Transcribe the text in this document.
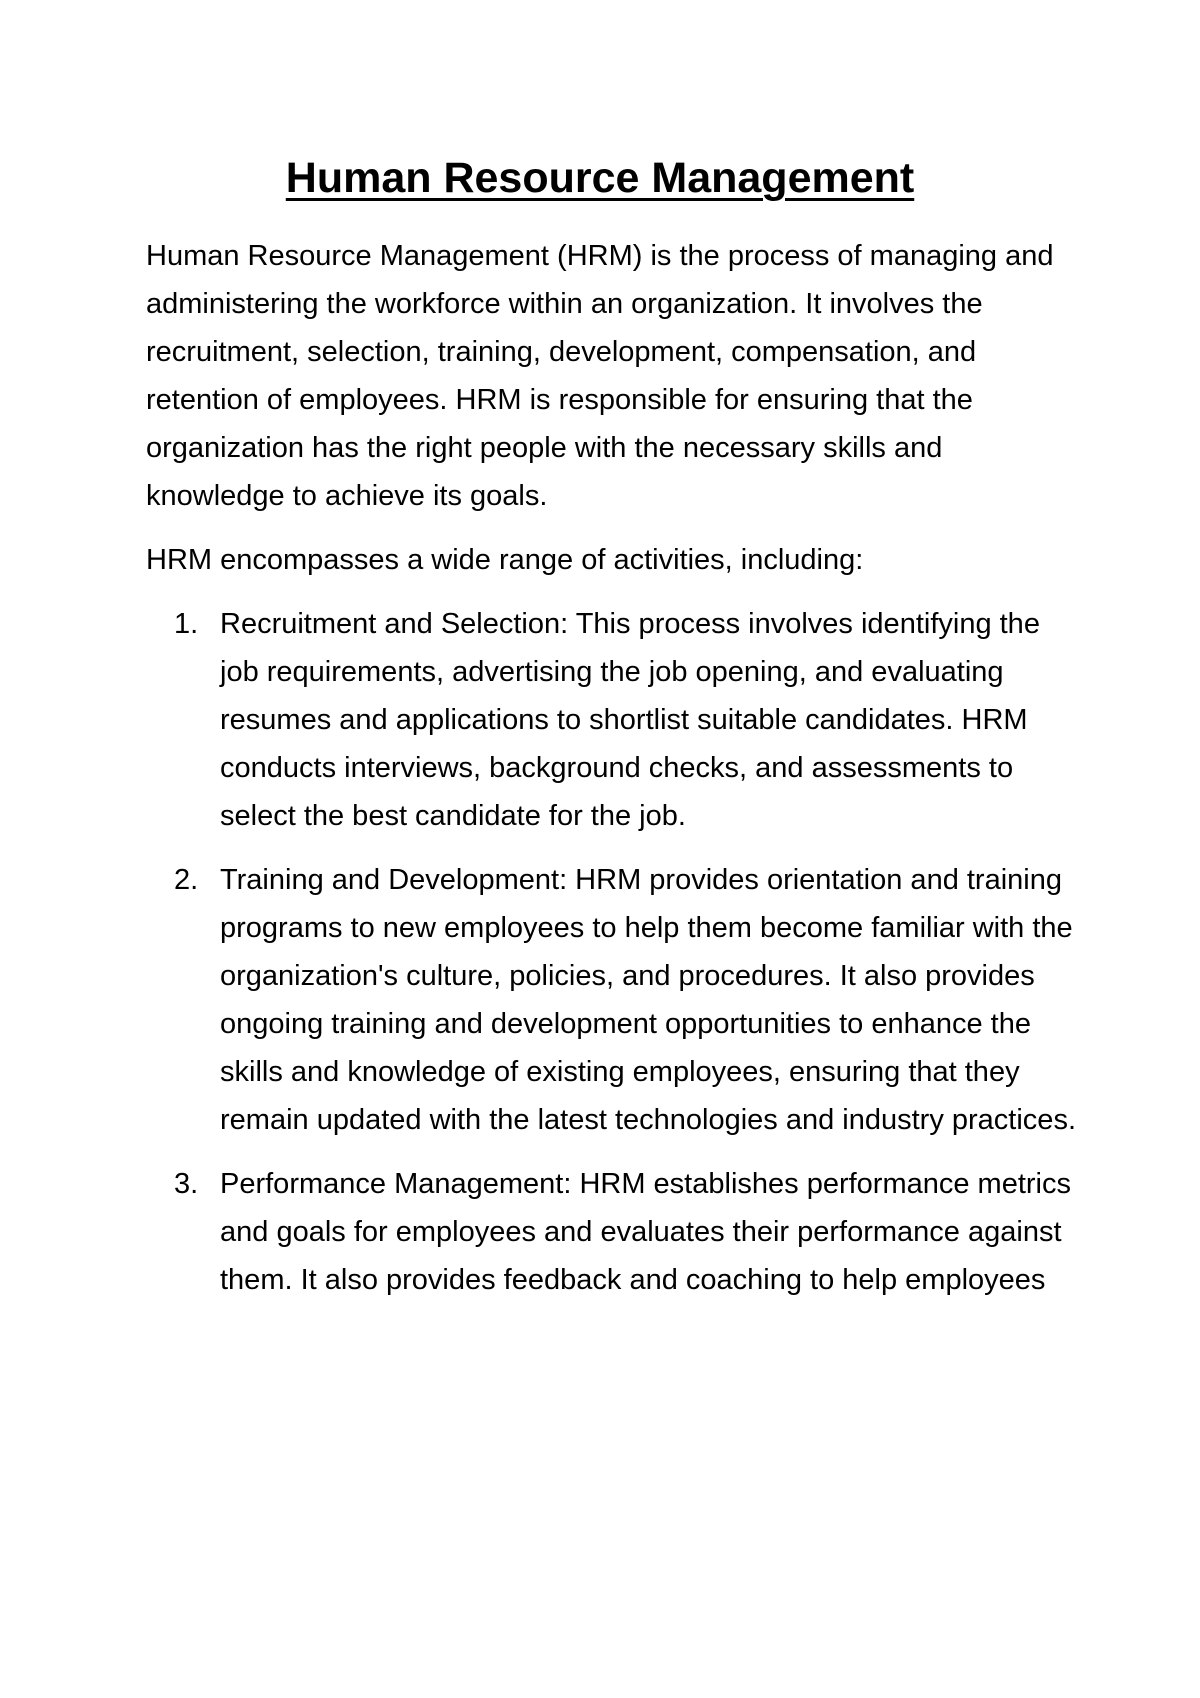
Human Resource Management

Human Resource Management (HRM) is the process of managing and administering the workforce within an organization. It involves the recruitment, selection, training, development, compensation, and retention of employees. HRM is responsible for ensuring that the organization has the right people with the necessary skills and knowledge to achieve its goals.

HRM encompasses a wide range of activities, including:

1. Recruitment and Selection: This process involves identifying the job requirements, advertising the job opening, and evaluating resumes and applications to shortlist suitable candidates. HRM conducts interviews, background checks, and assessments to select the best candidate for the job.
2. Training and Development: HRM provides orientation and training programs to new employees to help them become familiar with the organization's culture, policies, and procedures. It also provides ongoing training and development opportunities to enhance the skills and knowledge of existing employees, ensuring that they remain updated with the latest technologies and industry practices.
3. Performance Management: HRM establishes performance metrics and goals for employees and evaluates their performance against them. It also provides feedback and coaching to help employees
